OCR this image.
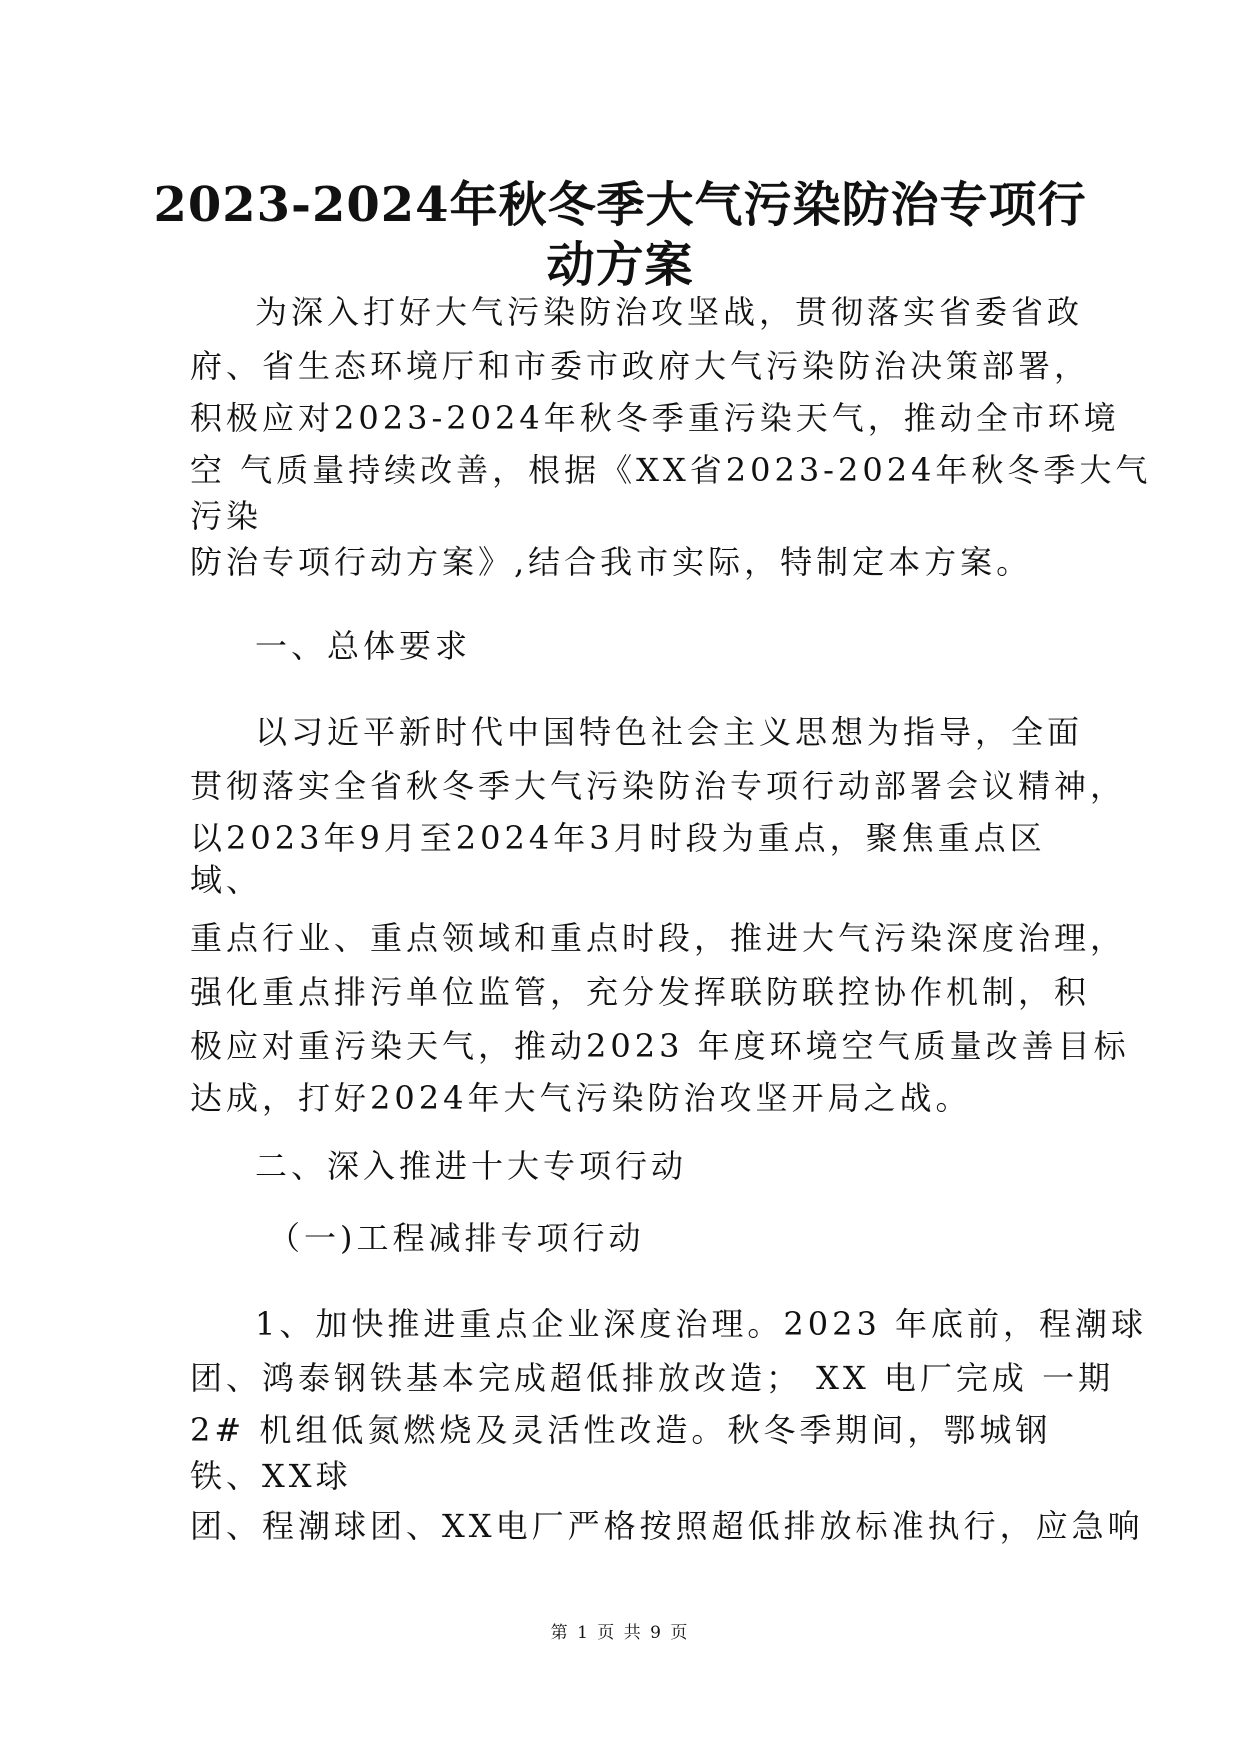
2023-2024年秋冬季大气污染防治专项行
动方案
为深入打好大气污染防治攻坚战，贯彻落实省委省政
府、省生态环境厅和市委市政府大气污染防治决策部署，
积极应对2023-2024年秋冬季重污染天气，推动全市环境
空 气质量持续改善，根据《XX省2023-2024年秋冬季大气
污染
防治专项行动方案》,结合我市实际，特制定本方案。
一、总体要求
以习近平新时代中国特色社会主义思想为指导，全面
贯彻落实全省秋冬季大气污染防治专项行动部署会议精神，
以2023年9月至2024年3月时段为重点，聚焦重点区
域、
重点行业、重点领域和重点时段，推进大气污染深度治理，
强化重点排污单位监管，充分发挥联防联控协作机制，积
极应对重污染天气，推动2023 年度环境空气质量改善目标
达成，打好2024年大气污染防治攻坚开局之战。
二、深入推进十大专项行动
（一)工程减排专项行动
1、加快推进重点企业深度治理。2023 年底前，程潮球
团、鸿泰钢铁基本完成超低排放改造； XX 电厂完成 一期
2# 机组低氮燃烧及灵活性改造。秋冬季期间，鄂城钢
铁、XX球
团、程潮球团、XX电厂严格按照超低排放标准执行，应急响
第 1 页 共 9 页
